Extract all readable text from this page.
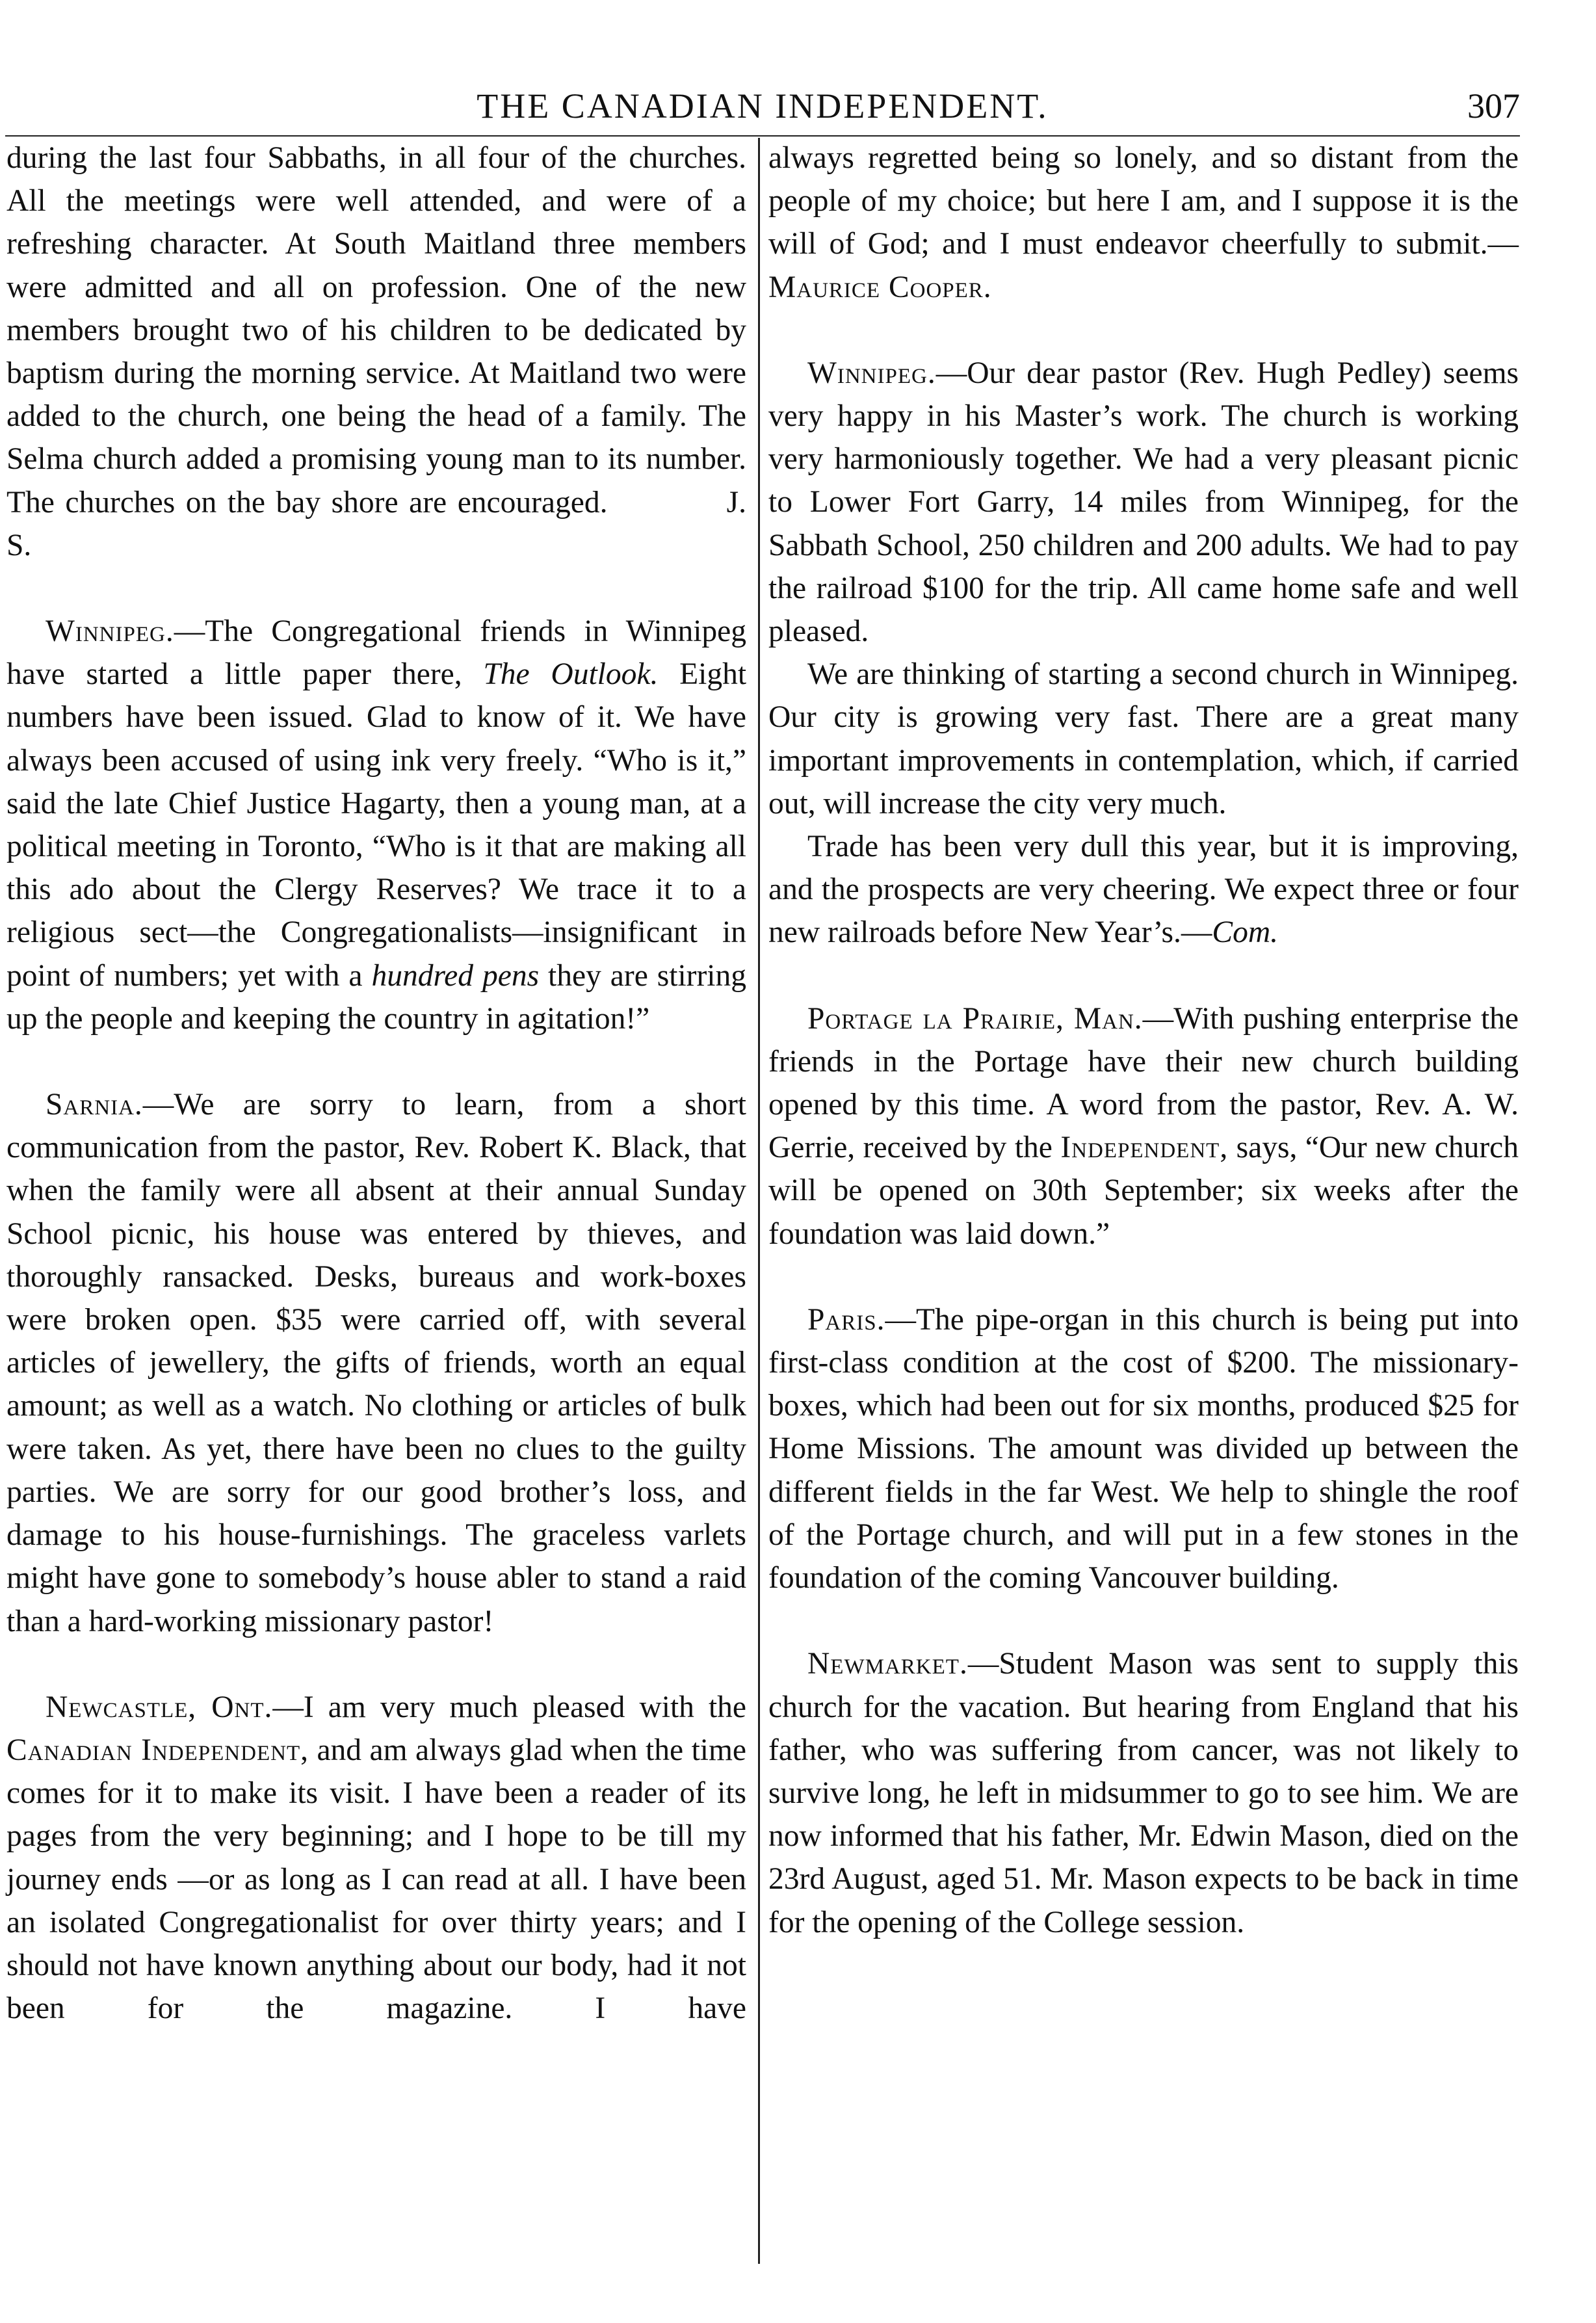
THE CANADIAN INDEPENDENT.	307

during the last four Sabbaths, in all four of the churches. All the meetings were well attended, and were of a refreshing character. At South Maitland three members were admitted and all on profession. One of the new members brought two of his children to be dedicated by baptism during the morning service. At Maitland two were added to the church, one being the head of a family. The Selma church added a promising young man to its number. The churches on the bay shore are encouraged.	J. S.

Winnipeg.—The Congregational friends in Winnipeg have started a little paper there, The Outlook. Eight numbers have been issued. Glad to know of it. We have always been accused of using ink very freely. “Who is it,” said the late Chief Justice Hagarty, then a young man, at a political meeting in Toronto, “Who is it that are making all this ado about the Clergy Reserves? We trace it to a religious sect—the Congregationalists—insignificant in point of numbers; yet with a hundred pens they are stirring up the people and keeping the country in agitation!”

Sarnia.—We are sorry to learn, from a short communication from the pastor, Rev. Robert K. Black, that when the family were all absent at their annual Sunday School picnic, his house was entered by thieves, and thoroughly ransacked. Desks, bureaus and work-boxes were broken open. $35 were carried off, with several articles of jewellery, the gifts of friends, worth an equal amount; as well as a watch. No clothing or articles of bulk were taken. As yet, there have been no clues to the guilty parties. We are sorry for our good brother’s loss, and damage to his house-furnishings. The graceless varlets might have gone to somebody’s house abler to stand a raid than a hard-working missionary pastor!

Newcastle, Ont.—I am very much pleased with the Canadian Independent, and am always glad when the time comes for it to make its visit. I have been a reader of its pages from the very beginning; and I hope to be till my journey ends —or as long as I can read at all. I have been an isolated Congregationalist for over thirty years; and I should not have known anything about our body, had it not been for the magazine. I have

always regretted being so lonely, and so distant from the people of my choice; but here I am, and I suppose it is the will of God; and I must endeavor cheerfully to submit.—Maurice Cooper.

Winnipeg.—Our dear pastor (Rev. Hugh Pedley) seems very happy in his Master’s work. The church is working very harmoniously together. We had a very pleasant picnic to Lower Fort Garry, 14 miles from Winnipeg, for the Sabbath School, 250 children and 200 adults. We had to pay the railroad $100 for the trip. All came home safe and well pleased.

We are thinking of starting a second church in Winnipeg. Our city is growing very fast. There are a great many important improvements in contemplation, which, if carried out, will increase the city very much.

Trade has been very dull this year, but it is improving, and the prospects are very cheering. We expect three or four new railroads before New Year’s.—Com.

Portage la Prairie, Man.—With pushing enterprise the friends in the Portage have their new church building opened by this time. A word from the pastor, Rev. A. W. Gerrie, received by the Independent, says, “Our new church will be opened on 30th September; six weeks after the foundation was laid down.”

Paris.—The pipe-organ in this church is being put into first-class condition at the cost of $200. The missionary-boxes, which had been out for six months, produced $25 for Home Missions. The amount was divided up between the different fields in the far West. We help to shingle the roof of the Portage church, and will put in a few stones in the foundation of the coming Vancouver building.

Newmarket.—Student Mason was sent to supply this church for the vacation. But hearing from England that his father, who was suffering from cancer, was not likely to survive long, he left in midsummer to go to see him. We are now informed that his father, Mr. Edwin Mason, died on the 23rd August, aged 51. Mr. Mason expects to be back in time for the opening of the College session.
